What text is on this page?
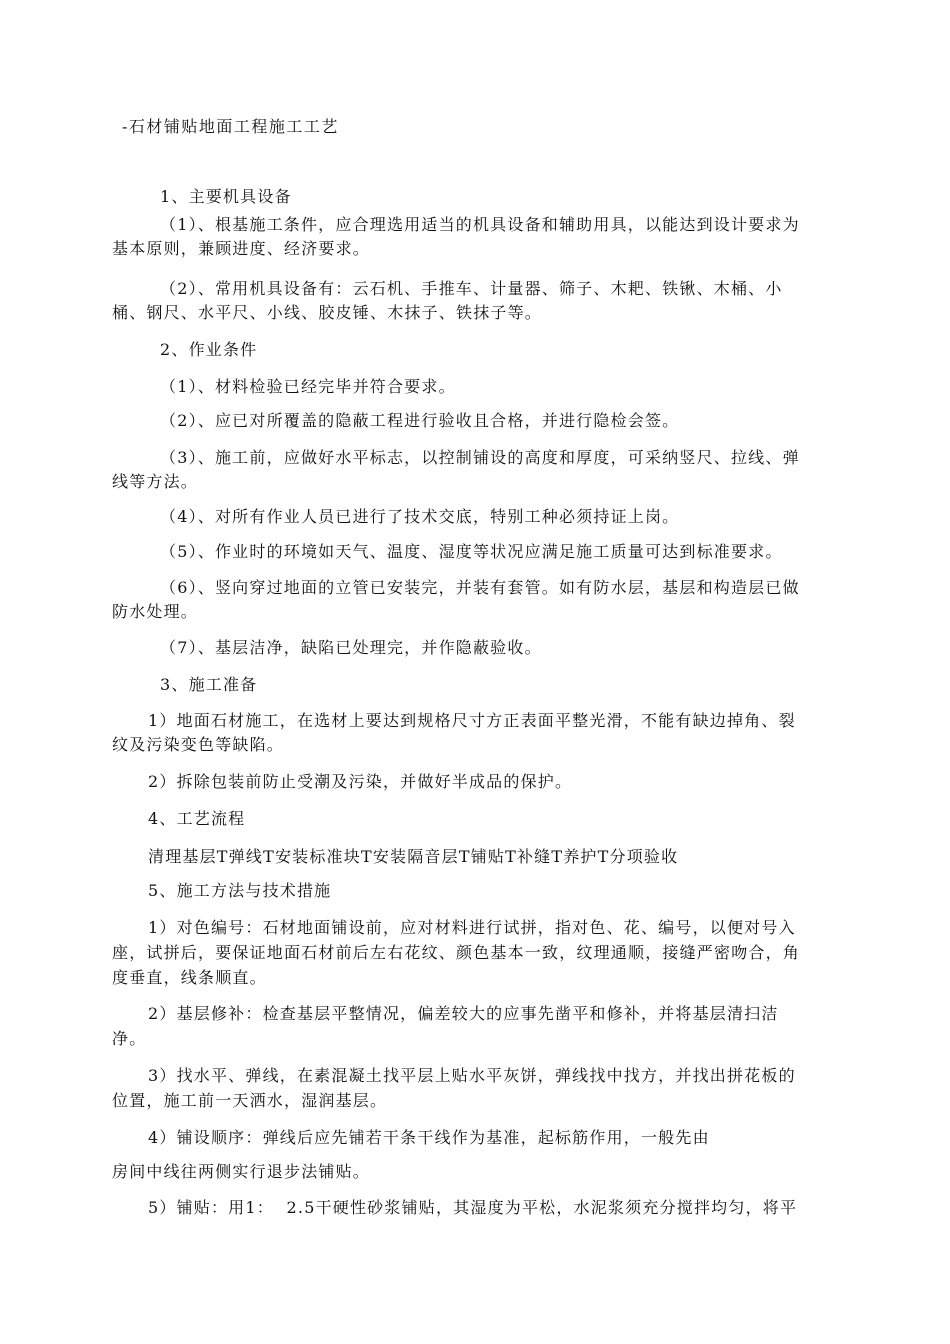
-石材铺贴地面工程施工工艺
1、主要机具设备
（1）、根基施工条件，应合理选用适当的机具设备和辅助用具，以能达到设计要求为
基本原则，兼顾进度、经济要求。
（2）、常用机具设备有：云石机、手推车、计量器、筛子、木耙、铁锹、木桶、小
桶、钢尺、水平尺、小线、胶皮锤、木抹子、铁抹子等。
2、作业条件
（1）、材料检验已经完毕并符合要求。
（2）、应已对所覆盖的隐蔽工程进行验收且合格，并进行隐检会签。
（3）、施工前，应做好水平标志，以控制铺设的高度和厚度，可采纳竖尺、拉线、弹
线等方法。
（4）、对所有作业人员已进行了技术交底，特别工种必须持证上岗。
（5）、作业时的环境如天气、温度、湿度等状况应满足施工质量可达到标准要求。
（6）、竖向穿过地面的立管已安装完，并装有套管。如有防水层，基层和构造层已做
防水处理。
（7）、基层洁净，缺陷已处理完，并作隐蔽验收。
3、施工准备
1）地面石材施工，在选材上要达到规格尺寸方正表面平整光滑，不能有缺边掉角、裂
纹及污染变色等缺陷。
2）拆除包装前防止受潮及污染，并做好半成品的保护。
4、工艺流程
清理基层T弹线T安装标准块T安装隔音层T铺贴T补缝T养护T分项验收
5、施工方法与技术措施
1）对色编号：石材地面铺设前，应对材料进行试拼，指对色、花、编号，以便对号入
座，试拼后，要保证地面石材前后左右花纹、颜色基本一致，纹理通顺，接缝严密吻合，角
度垂直，线条顺直。
2）基层修补：检查基层平整情况，偏差较大的应事先凿平和修补，并将基层清扫洁
净。
3）找水平、弹线，在素混凝土找平层上贴水平灰饼，弹线找中找方，并找出拼花板的
位置，施工前一天洒水，湿润基层。
4）铺设顺序：弹线后应先铺若干条干线作为基准，起标筋作用，一般先由
房间中线往两侧实行退步法铺贴。
5）铺贴：用1：  2.5干硬性砂浆铺贴，其湿度为平松，水泥浆须充分搅拌均匀，将平
